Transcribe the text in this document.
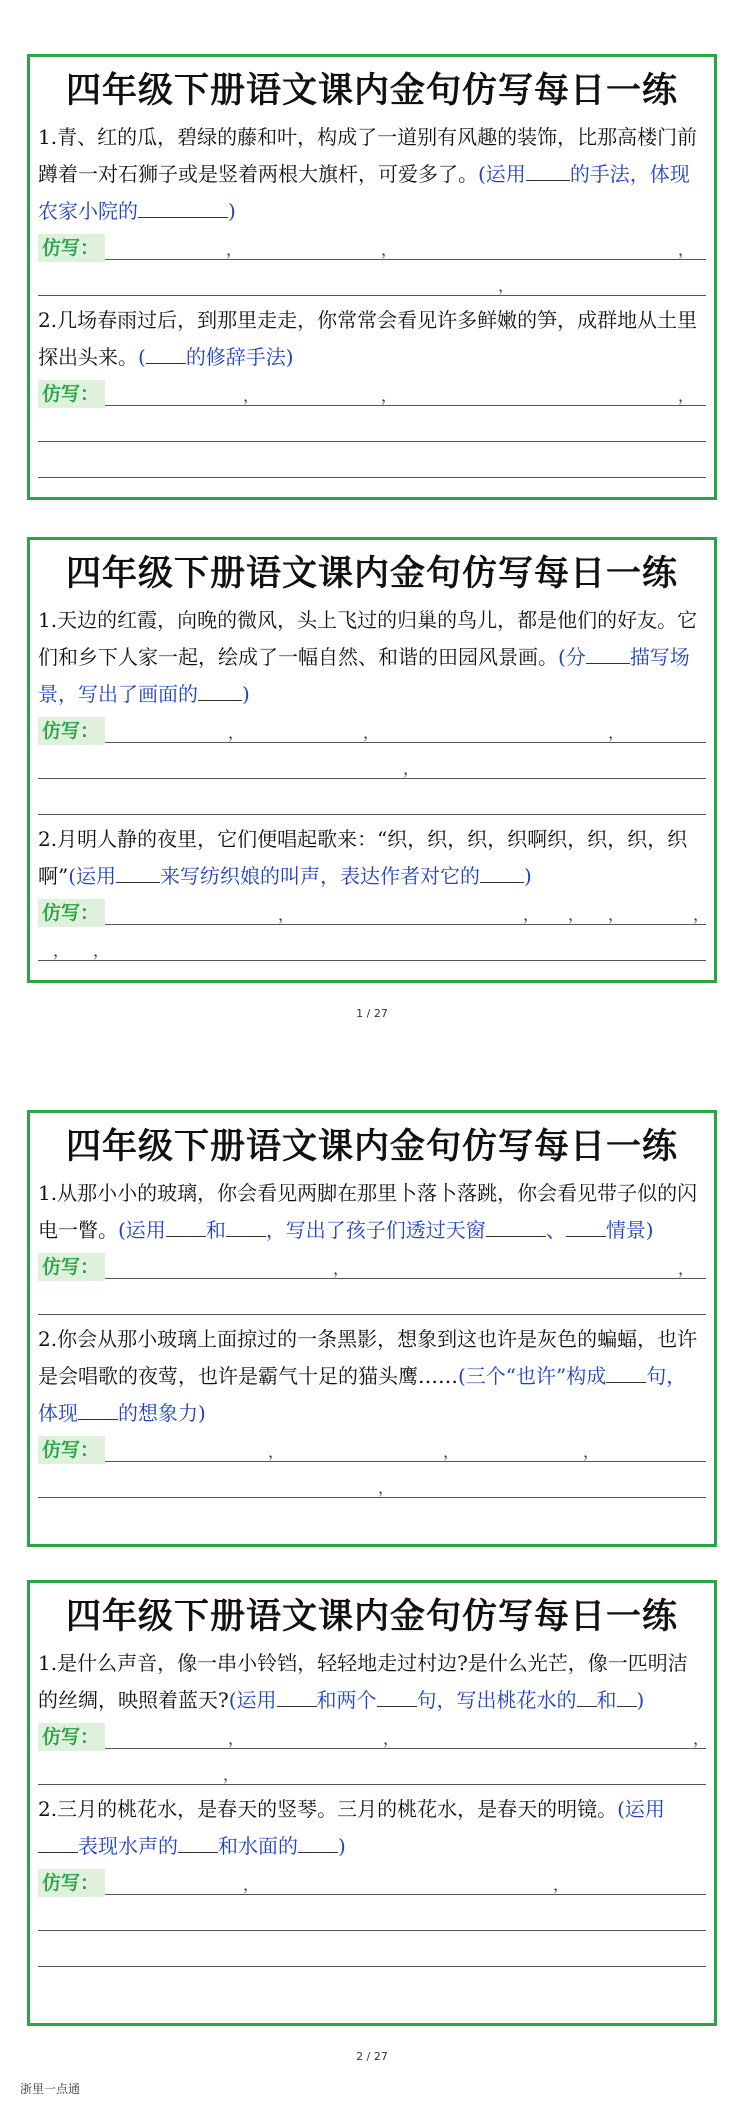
四年级下册语文课内金句仿写每日一练
1.青、红的瓜，碧绿的藤和叶，构成了一道别有风趣的装饰，比那高楼门前蹲着一对石狮子或是竖着两根大旗杆，可爱多了。(运用 的手法，体现农家小院的	)
仿写：	，	，	，
，
2.几场春雨过后，到那里走走，你常常会看见许多鲜嫩的笋，成群地从土里探出头来。( 的修辞手法)
仿写：	，	，	，
四年级下册语文课内金句仿写每日一练
1.天边的红霞，向晚的微风，头上飞过的归巢的鸟儿，都是他们的好友。它们和乡下人家一起，绘成了一幅自然、和谐的田园风景画。(分 描写场景，写出了画面的 )
仿写：	，	，	，
，
2.月明人静的夜里，它们便唱起歌来：“织，织，织，织啊织，织，织，织啊”(运用 来写纺织娘的叫声，表达作者对它的 )
仿写：	，	， ， ，	，
， ，
1 / 27
四年级下册语文课内金句仿写每日一练
1.从那小小的玻璃，你会看见两脚在那里卜落卜落跳，你会看见带子似的闪电一瞥。(运用 和 ，写出了孩子们透过天窗	、 情景)
仿写：	，	，
2.你会从那小玻璃上面掠过的一条黑影，想象到这也许是灰色的蝙蝠，也许是会唱歌的夜莺，也许是霸气十足的猫头鹰……(三个“也许”构成 句，体现 的想象力)
仿写：	，	，	，
，
四年级下册语文课内金句仿写每日一练
1.是什么声音，像一串小铃铛，轻轻地走过村边?是什么光芒，像一匹明洁的丝绸，映照着蓝天?(运用 和两个 句，写出桃花水的 和 )
仿写：	，	，	，
，
2.三月的桃花水，是春天的竖琴。三月的桃花水，是春天的明镜。(运用表现水声的 和水面的 )
仿写：	，	，
2 / 27
浙里一点通
